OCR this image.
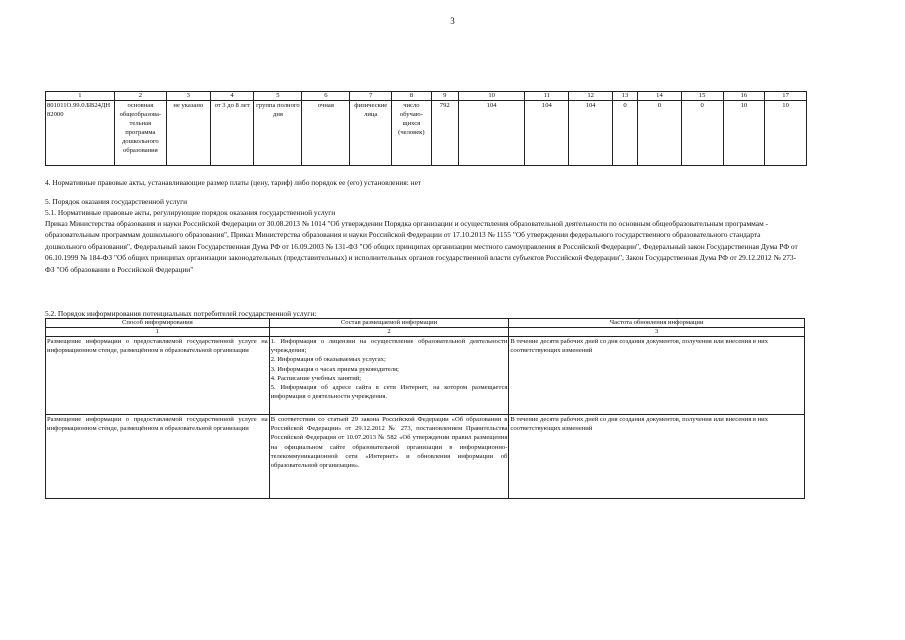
3
1	2	3	4	5	6	7	8	9	10	11	12	13	14	15	16	17
801011О.99.0.БВ24ДН82000	основная общеобразова-тельная программа дошкольного образования	не указано	от 3 до 8 лет	группа полного дня	очная	физические лица	число обучаю-щихся (человек)	792	104	104	104	0	0	0	10	10
4. Нормативные правовые акты, устанавливающие размер платы (цену, тариф) либо порядок ее (его) установления: нет
5. Порядок оказания государственной услуги
5.1. Нормативные правовые акты, регулирующие порядок оказания государственной услуги
Приказ Министерства образования и науки Российской Федерации от 30.08.2013 № 1014 "Об утверждении Порядка организации и осуществления образовательной деятельности по основным общеобразовательным программам - образовательным программам дошкольного образования", Приказ Министерства образования и науки Российской Федерации от 17.10.2013 № 1155 "Об утверждении федерального государственного образовательного стандарта дошкольного образования", Федеральный закон Государственная Дума РФ от 16.09.2003 № 131-ФЗ "Об общих принципах организации местного самоуправления в Российской Федерации", Федеральный закон Государственная Дума РФ от 06.10.1999 № 184-ФЗ "Об общих принципах организации законодательных (представительных) и исполнительных органов государственной власти субъектов Российской Федерации", Закон Государственная Дума РФ от 29.12.2012 № 273-ФЗ "Об образовании в Российской Федерации"
5.2. Порядок информирования потенциальных потребителей государственной услуги:
Способ информирования	Состав размещаемой информации	Частота обновления информации
1	2	3
Размещение информации о предоставляемой государственной услуге на информационном стенде, размещённом в образовательной организации	1. Информация о лицензии на осуществление образовательной деятельности учреждения;
2. Информация об оказываемых услугах;
3. Информация о часах приема руководителя;
4. Расписание учебных занятий;
5. Информация об адресе сайта в сети Интернет, на котором размещается информация о деятельности учреждения.	В течение десяти рабочих дней со дня создания документов, получения или внесения в них соответствующих изменений
Размещение информации о предоставляемой государственной услуге на информационном стенде, размещённом в образовательной организации	В соответствии со статьей 29 закона Российской Федерации «Об образовании в Российской Федерации» от 29.12.2012 № 273, постановлением Правительства Российской Федерация от 10.07.2013 № 582 «Об утверждении правил размещения на официальном сайте образовательной организации в информационно-телекоммуникационной сети «Интернет» и обновления информации об образовательной организации».	В течение десяти рабочих дней со дня создания документов, получения или внесения в них соответствующих изменений
